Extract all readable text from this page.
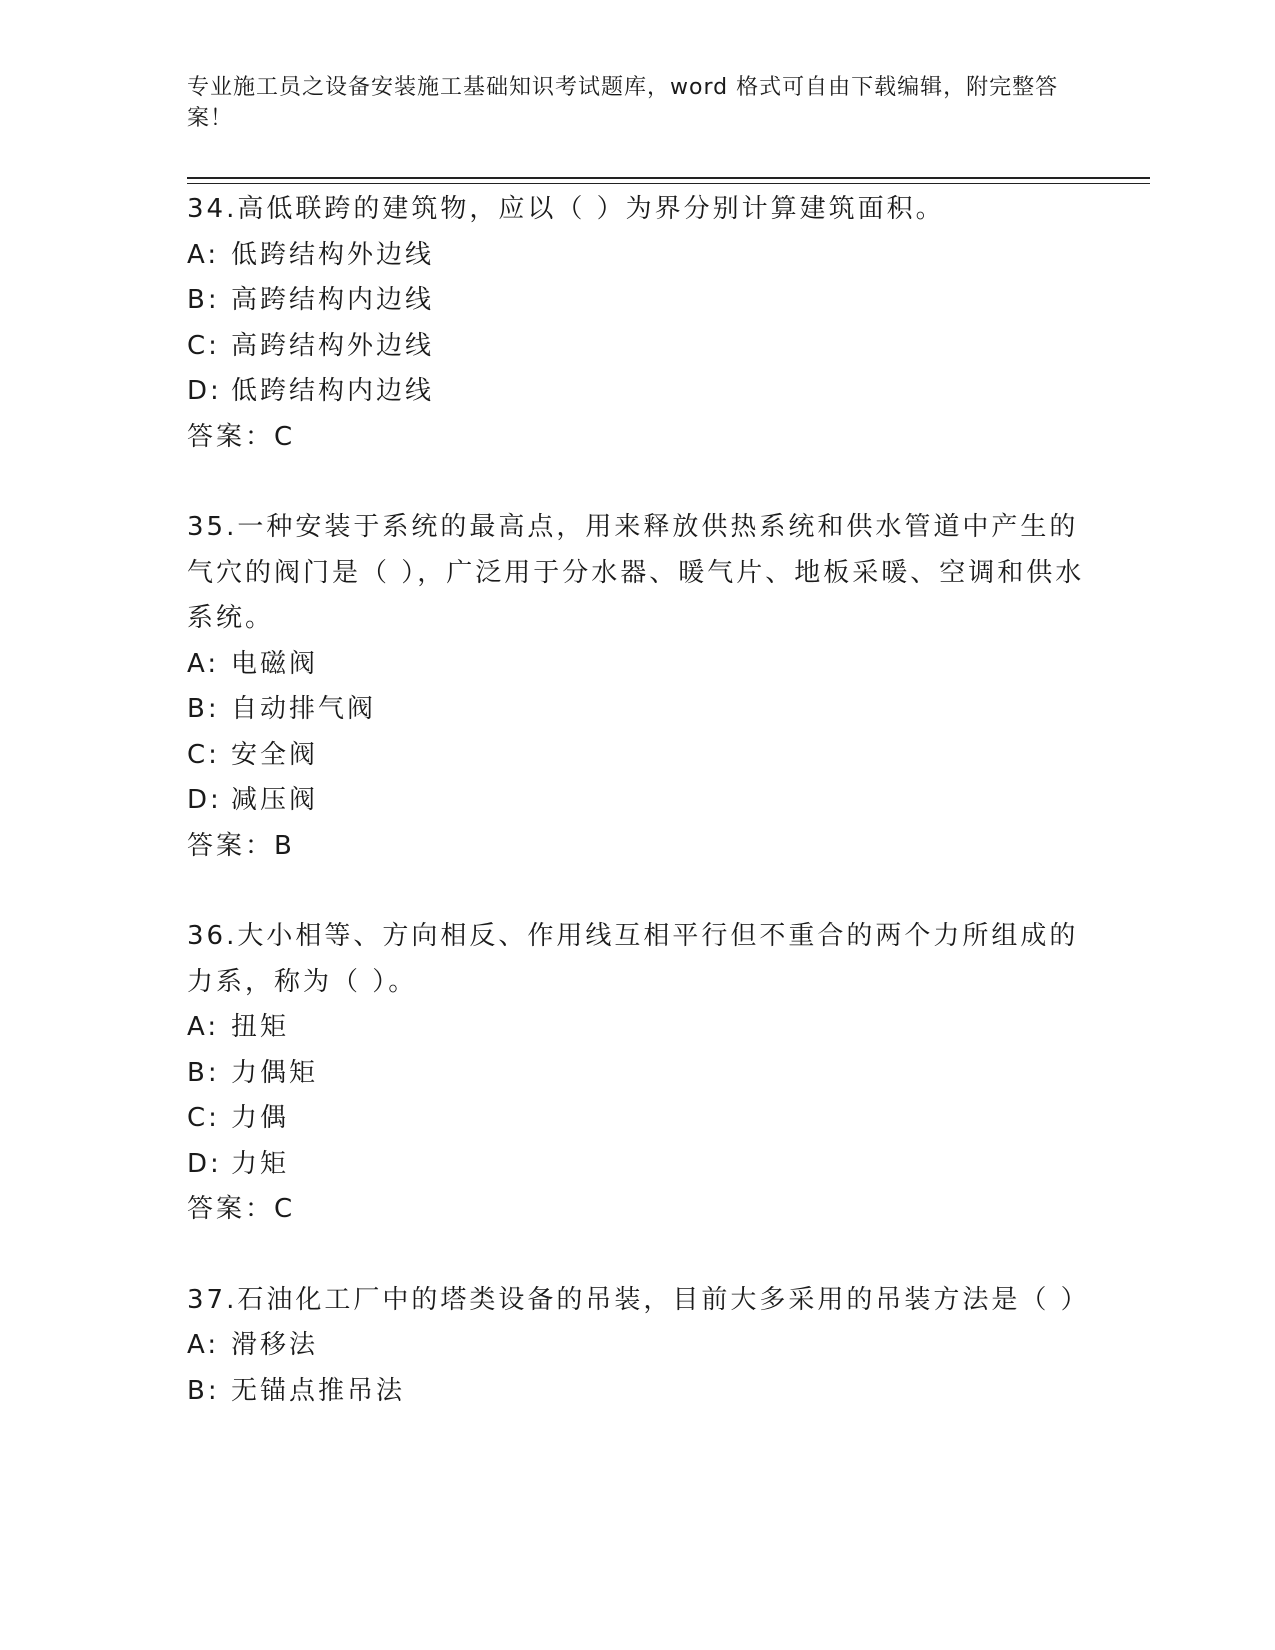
专业施工员之设备安装施工基础知识考试题库，word 格式可自由下载编辑，附完整答案！

34.高低联跨的建筑物，应以（ ）为界分别计算建筑面积。

A: 低跨结构外边线

B: 高跨结构内边线

C: 高跨结构外边线

D: 低跨结构内边线

答案：C

35.一种安装于系统的最高点，用来释放供热系统和供水管道中产生的气穴的阀门是（ ），广泛用于分水器、暖气片、地板采暖、空调和供水系统。

A: 电磁阀

B: 自动排气阀

C: 安全阀

D: 减压阀

答案：B

36.大小相等、方向相反、作用线互相平行但不重合的两个力所组成的力系，称为（ ）。

A: 扭矩

B: 力偶矩

C: 力偶

D: 力矩

答案：C

37.石油化工厂中的塔类设备的吊装，目前大多采用的吊装方法是（ ）

A: 滑移法

B: 无锚点推吊法
